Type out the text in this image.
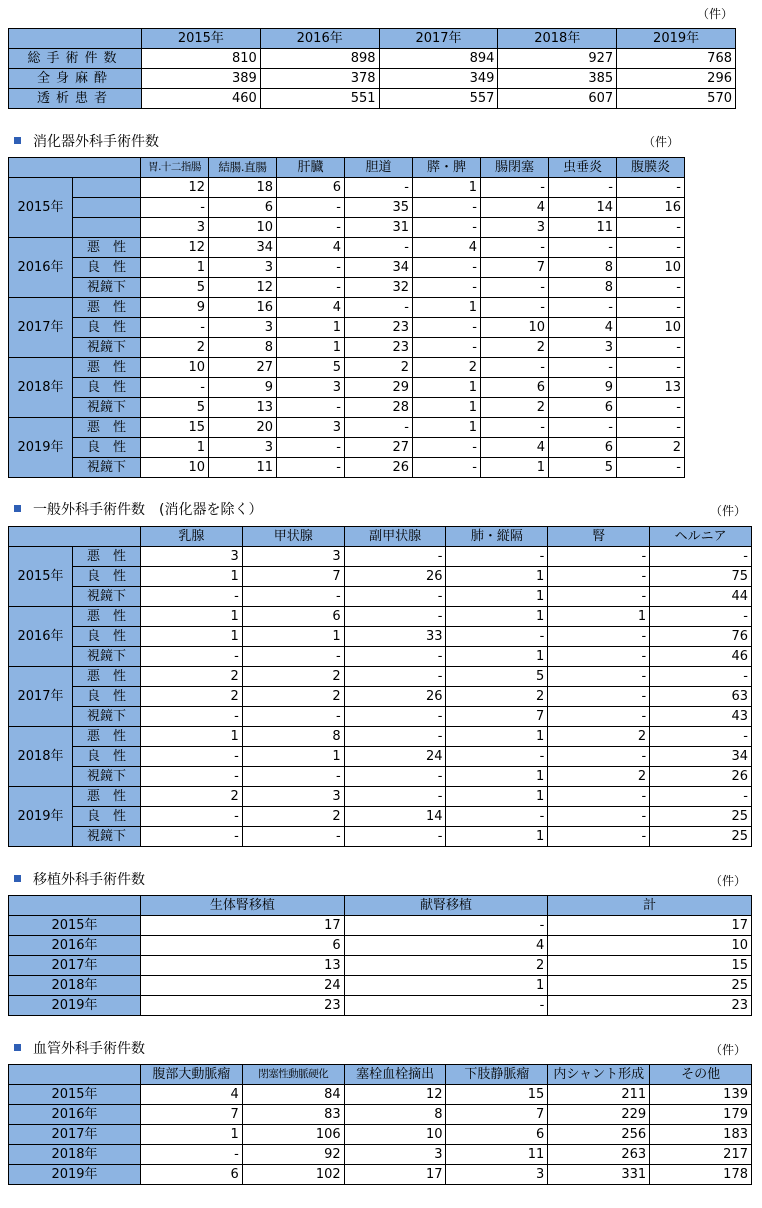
（件）
	2015年	2016年	2017年	2018年	2019年
総手術件数	810	898	894	927	768
全身麻酔	389	378	349	385	296
透析患者	460	551	557	607	570
消化器外科手術件数	（件）
		胃.十二指腸	結腸.直腸	肝臓	胆道	膵・脾	腸閉塞	虫垂炎	腹膜炎
2015年		12	18	6	-	1	-	-	-
		-	6	-	35	-	4	14	16
		3	10	-	31	-	3	11	-
2016年	悪　性	12	34	4	-	4	-	-	-
	良　性	1	3	-	34	-	7	8	10
	視鏡下	5	12	-	32	-	-	8	-
2017年	悪　性	9	16	4	-	1	-	-	-
	良　性	-	3	1	23	-	10	4	10
	視鏡下	2	8	1	23	-	2	3	-
2018年	悪　性	10	27	5	2	2	-	-	-
	良　性	-	9	3	29	1	6	9	13
	視鏡下	5	13	-	28	1	2	6	-
2019年	悪　性	15	20	3	-	1	-	-	-
	良　性	1	3	-	27	-	4	6	2
	視鏡下	10	11	-	26	-	1	5	-
一般外科手術件数　(消化器を除く）	（件）
		乳腺	甲状腺	副甲状腺	肺・縦隔	腎	ヘルニア
2015年	悪　性	3	3	-	-	-	-
	良　性	1	7	26	1	-	75
	視鏡下	-	-	-	1	-	44
2016年	悪　性	1	6	-	1	1	-
	良　性	1	1	33	-	-	76
	視鏡下	-	-	-	1	-	46
2017年	悪　性	2	2	-	5	-	-
	良　性	2	2	26	2	-	63
	視鏡下	-	-	-	7	-	43
2018年	悪　性	1	8	-	1	2	-
	良　性	-	1	24	-	-	34
	視鏡下	-	-	-	1	2	26
2019年	悪　性	2	3	-	1	-	-
	良　性	-	2	14	-	-	25
	視鏡下	-	-	-	1	-	25
移植外科手術件数	（件）
	生体腎移植	献腎移植	計
2015年	17	-	17
2016年	6	4	10
2017年	13	2	15
2018年	24	1	25
2019年	23	-	23
血管外科手術件数	（件）
	腹部大動脈瘤	閉塞性動脈硬化	塞栓血栓摘出	下肢静脈瘤	内シャント形成	その他
2015年	4	84	12	15	211	139
2016年	7	83	8	7	229	179
2017年	1	106	10	6	256	183
2018年	-	92	3	11	263	217
2019年	6	102	17	3	331	178
